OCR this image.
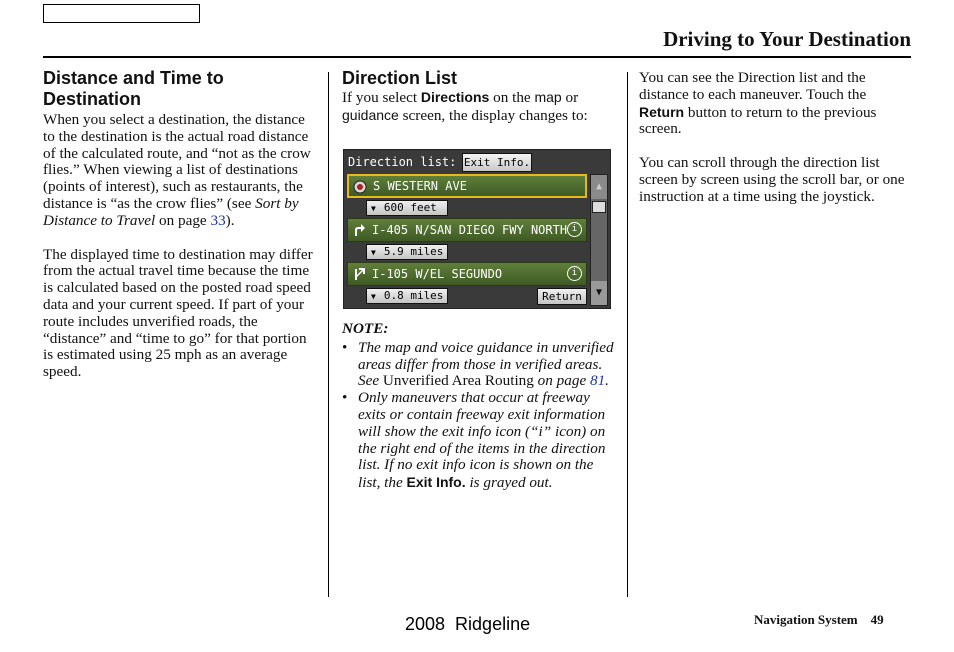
Driving to Your Destination
Distance and Time to
Destination

When you select a destination, the distance to the destination is the actual road distance of the calculated route, and “not as the crow flies.” When viewing a list of destinations (points of interest), such as restaurants, the distance is “as the crow flies” (see Sort by Distance to Travel on page 33).

The displayed time to destination may differ from the actual travel time because the time is calculated based on the posted road speed data and your current speed. If part of your route includes unverified roads, the “distance” and “time to go” for that portion is estimated using 25 mph as an average speed.

Direction List

If you select Directions on the map or guidance screen, the display changes to:

Direction list: Exit Info.
S WESTERN AVE
▼ 600 feet
I-405 N/SAN DIEGO FWY NORTH i
▼ 5.9 miles
I-105 W/EL SEGUNDO	i
▼ 0.8 miles	Return
▲
▼
NOTE:
• The map and voice guidance in unverified areas differ from those in verified areas. See Unverified Area Routing on page 81.
• Only maneuvers that occur at freeway exits or contain freeway exit information will show the exit info icon (“i” icon) on the right end of the items in the direction list. If no exit info icon is shown on the list, the Exit Info. is grayed out.

You can see the Direction list and the distance to each maneuver. Touch the Return button to return to the previous screen.

You can scroll through the direction list screen by screen using the scroll bar, or one instruction at a time using the joystick.

2008  Ridgeline	Navigation System 49
